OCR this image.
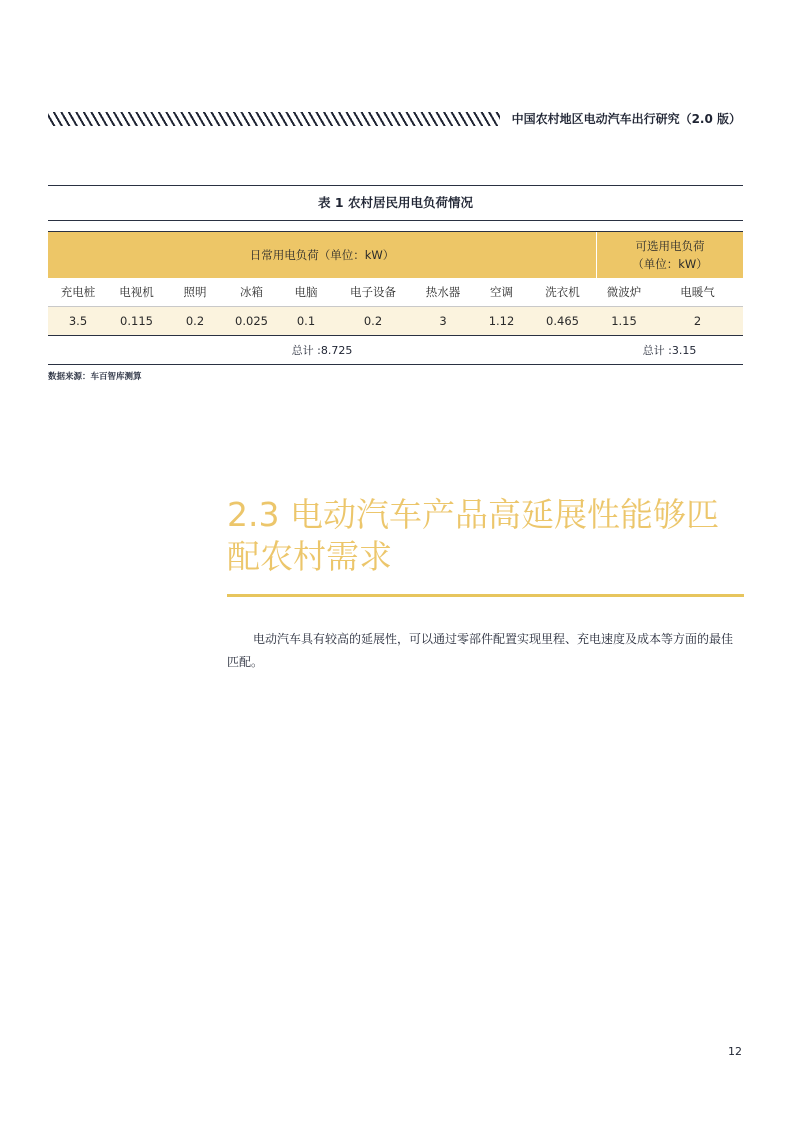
中国农村地区电动汽车出行研究（2.0 版）
表 1 农村居民用电负荷情况
日常用电负荷（单位：kW）
可选用电负荷
（单位：kW）
充电桩	电视机	照明	冰箱	电脑	电子设备	热水器	空调	洗衣机	微波炉	电暖气
3.5	0.115	0.2	0.025	0.1	0.2	3	1.12	0.465	1.15	2
总计 :8.725	总计 :3.15
数据来源：车百智库测算
2.3 电动汽车产品高延展性能够匹
配农村需求
电动汽车具有较高的延展性，可以通过零部件配置实现里程、充电速度及成本等方面的最佳匹配。
12
